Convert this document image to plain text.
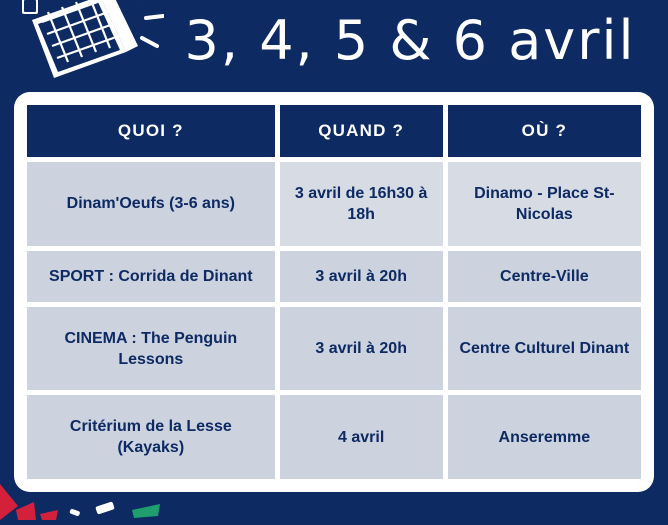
3, 4, 5 & 6 avril
QUOI ?	QUAND ?	OÙ ?
Dinam'Oeufs (3-6 ans)	3 avril de 16h30 à 18h	Dinamo - Place St-Nicolas
SPORT : Corrida de Dinant	3 avril à 20h	Centre-Ville
CINEMA : The Penguin Lessons	3 avril à 20h	Centre Culturel Dinant
Critérium de la Lesse (Kayaks)	4 avril	Anseremme
